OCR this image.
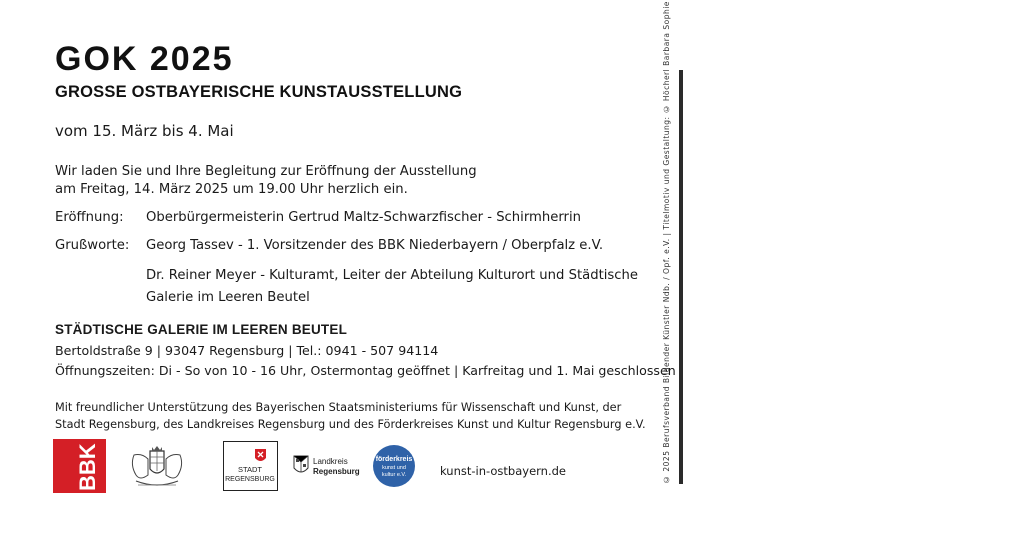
GOK 2025
GROSSE OSTBAYERISCHE KUNSTAUSSTELLUNG
vom 15. März bis 4. Mai
Wir laden Sie und Ihre Begleitung zur Eröffnung der Ausstellung
am Freitag, 14. März 2025 um 19.00 Uhr herzlich ein.
Eröffnung:	Oberbürgermeisterin Gertrud Maltz-Schwarzfischer - Schirmherrin
Grußworte:	Georg Tassev - 1. Vorsitzender des BBK Niederbayern / Oberpfalz e.V.
Dr. Reiner Meyer - Kulturamt, Leiter der Abteilung Kulturort und Städtische Galerie im Leeren Beutel
STÄDTISCHE GALERIE IM LEEREN BEUTEL
Bertoldstraße 9 | 93047 Regensburg | Tel.: 0941 - 507 94114
Öffnungszeiten: Di - So von 10 - 16 Uhr, Ostermontag geöffnet | Karfreitag und 1. Mai geschlossen
Mit freundlicher Unterstützung des Bayerischen Staatsministeriums für Wissenschaft und Kunst, der
Stadt Regensburg, des Landkreises Regensburg und des Förderkreises Kunst und Kultur Regensburg e.V.
BBK	STADT
REGENSBURG
Landkreis
Regensburg
förderkreis
kunst und
kultur e.V.	kunst-in-ostbayern.de	© 2025 Berufsverband Bildender Künstler Ndb. / Opf. e.V. | Titelmotiv und Gestaltung: © Höcherl Barbara Sophie
